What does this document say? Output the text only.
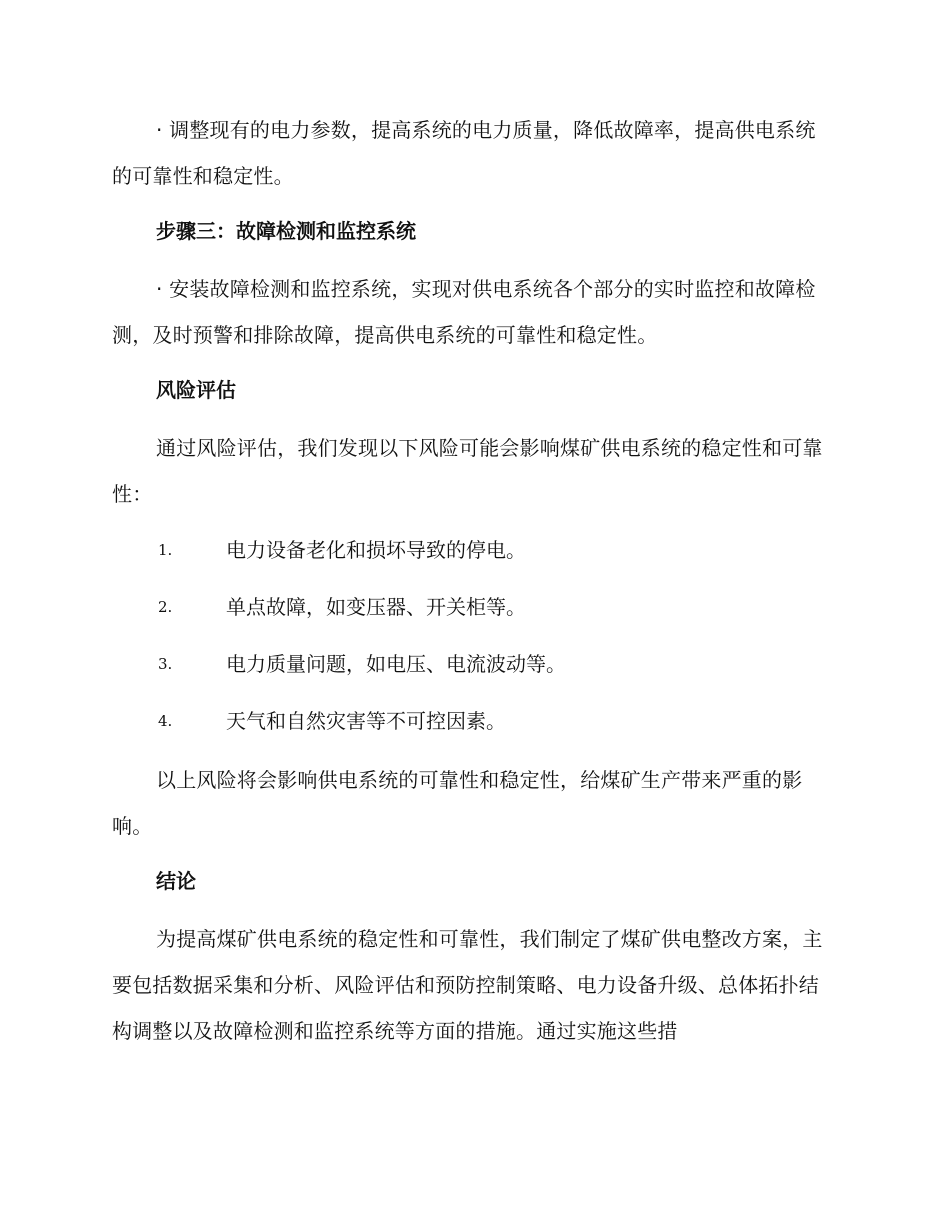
· 调整现有的电力参数，提高系统的电力质量，降低故障率，提高供电系统的可靠性和稳定性。
步骤三：故障检测和监控系统
· 安装故障检测和监控系统，实现对供电系统各个部分的实时监控和故障检测，及时预警和排除故障，提高供电系统的可靠性和稳定性。
风险评估
通过风险评估，我们发现以下风险可能会影响煤矿供电系统的稳定性和可靠性：
1.	电力设备老化和损坏导致的停电。
2.	单点故障，如变压器、开关柜等。
3.	电力质量问题，如电压、电流波动等。
4.	天气和自然灾害等不可控因素。
以上风险将会影响供电系统的可靠性和稳定性，给煤矿生产带来严重的影响。
结论
为提高煤矿供电系统的稳定性和可靠性，我们制定了煤矿供电整改方案，主要包括数据采集和分析、风险评估和预防控制策略、电力设备升级、总体拓扑结构调整以及故障检测和监控系统等方面的措施。通过实施这些措
